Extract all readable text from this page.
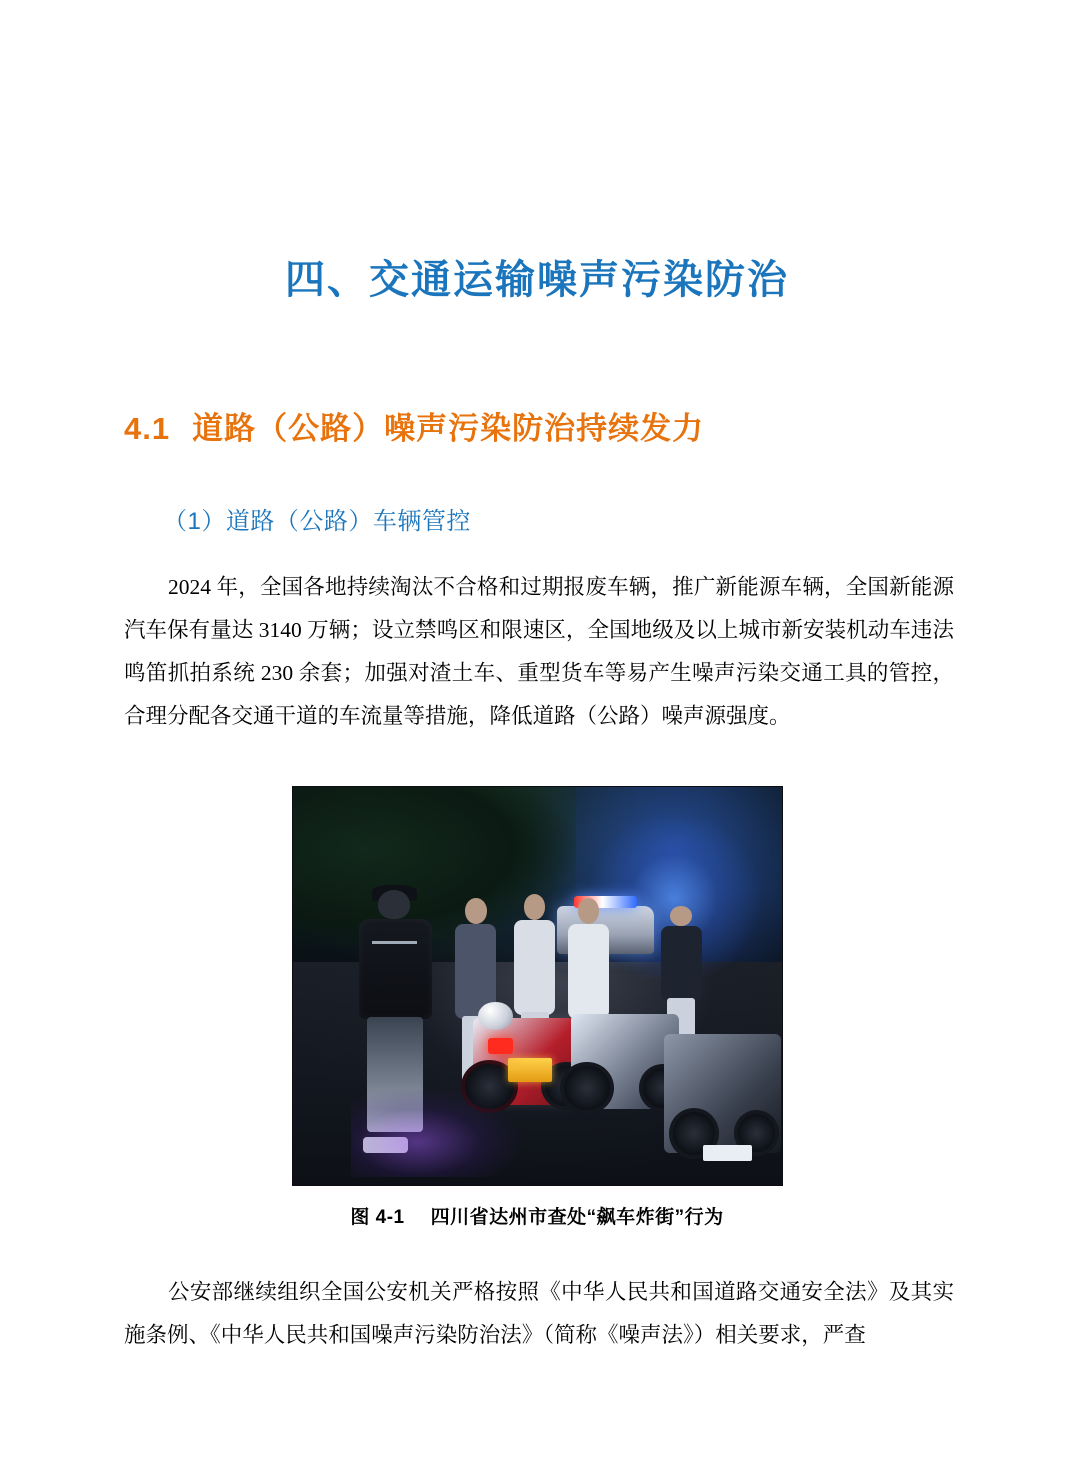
四、交通运输噪声污染防治
4.1 道路（公路）噪声污染防治持续发力
（1）道路（公路）车辆管控

2024 年，全国各地持续淘汰不合格和过期报废车辆，推广新能源车辆，全国新能源汽车保有量达 3140 万辆；设立禁鸣区和限速区，全国地级及以上城市新安装机动车违法鸣笛抓拍系统 230 余套；加强对渣土车、重型货车等易产生噪声污染交通工具的管控，合理分配各交通干道的车流量等措施，降低道路（公路）噪声源强度。

图 4-1 四川省达州市查处“飙车炸街”行为

公安部继续组织全国公安机关严格按照《中华人民共和国道路交通安全法》及其实施条例、《中华人民共和国噪声污染防治法》（简称《噪声法》）相关要求，严查
